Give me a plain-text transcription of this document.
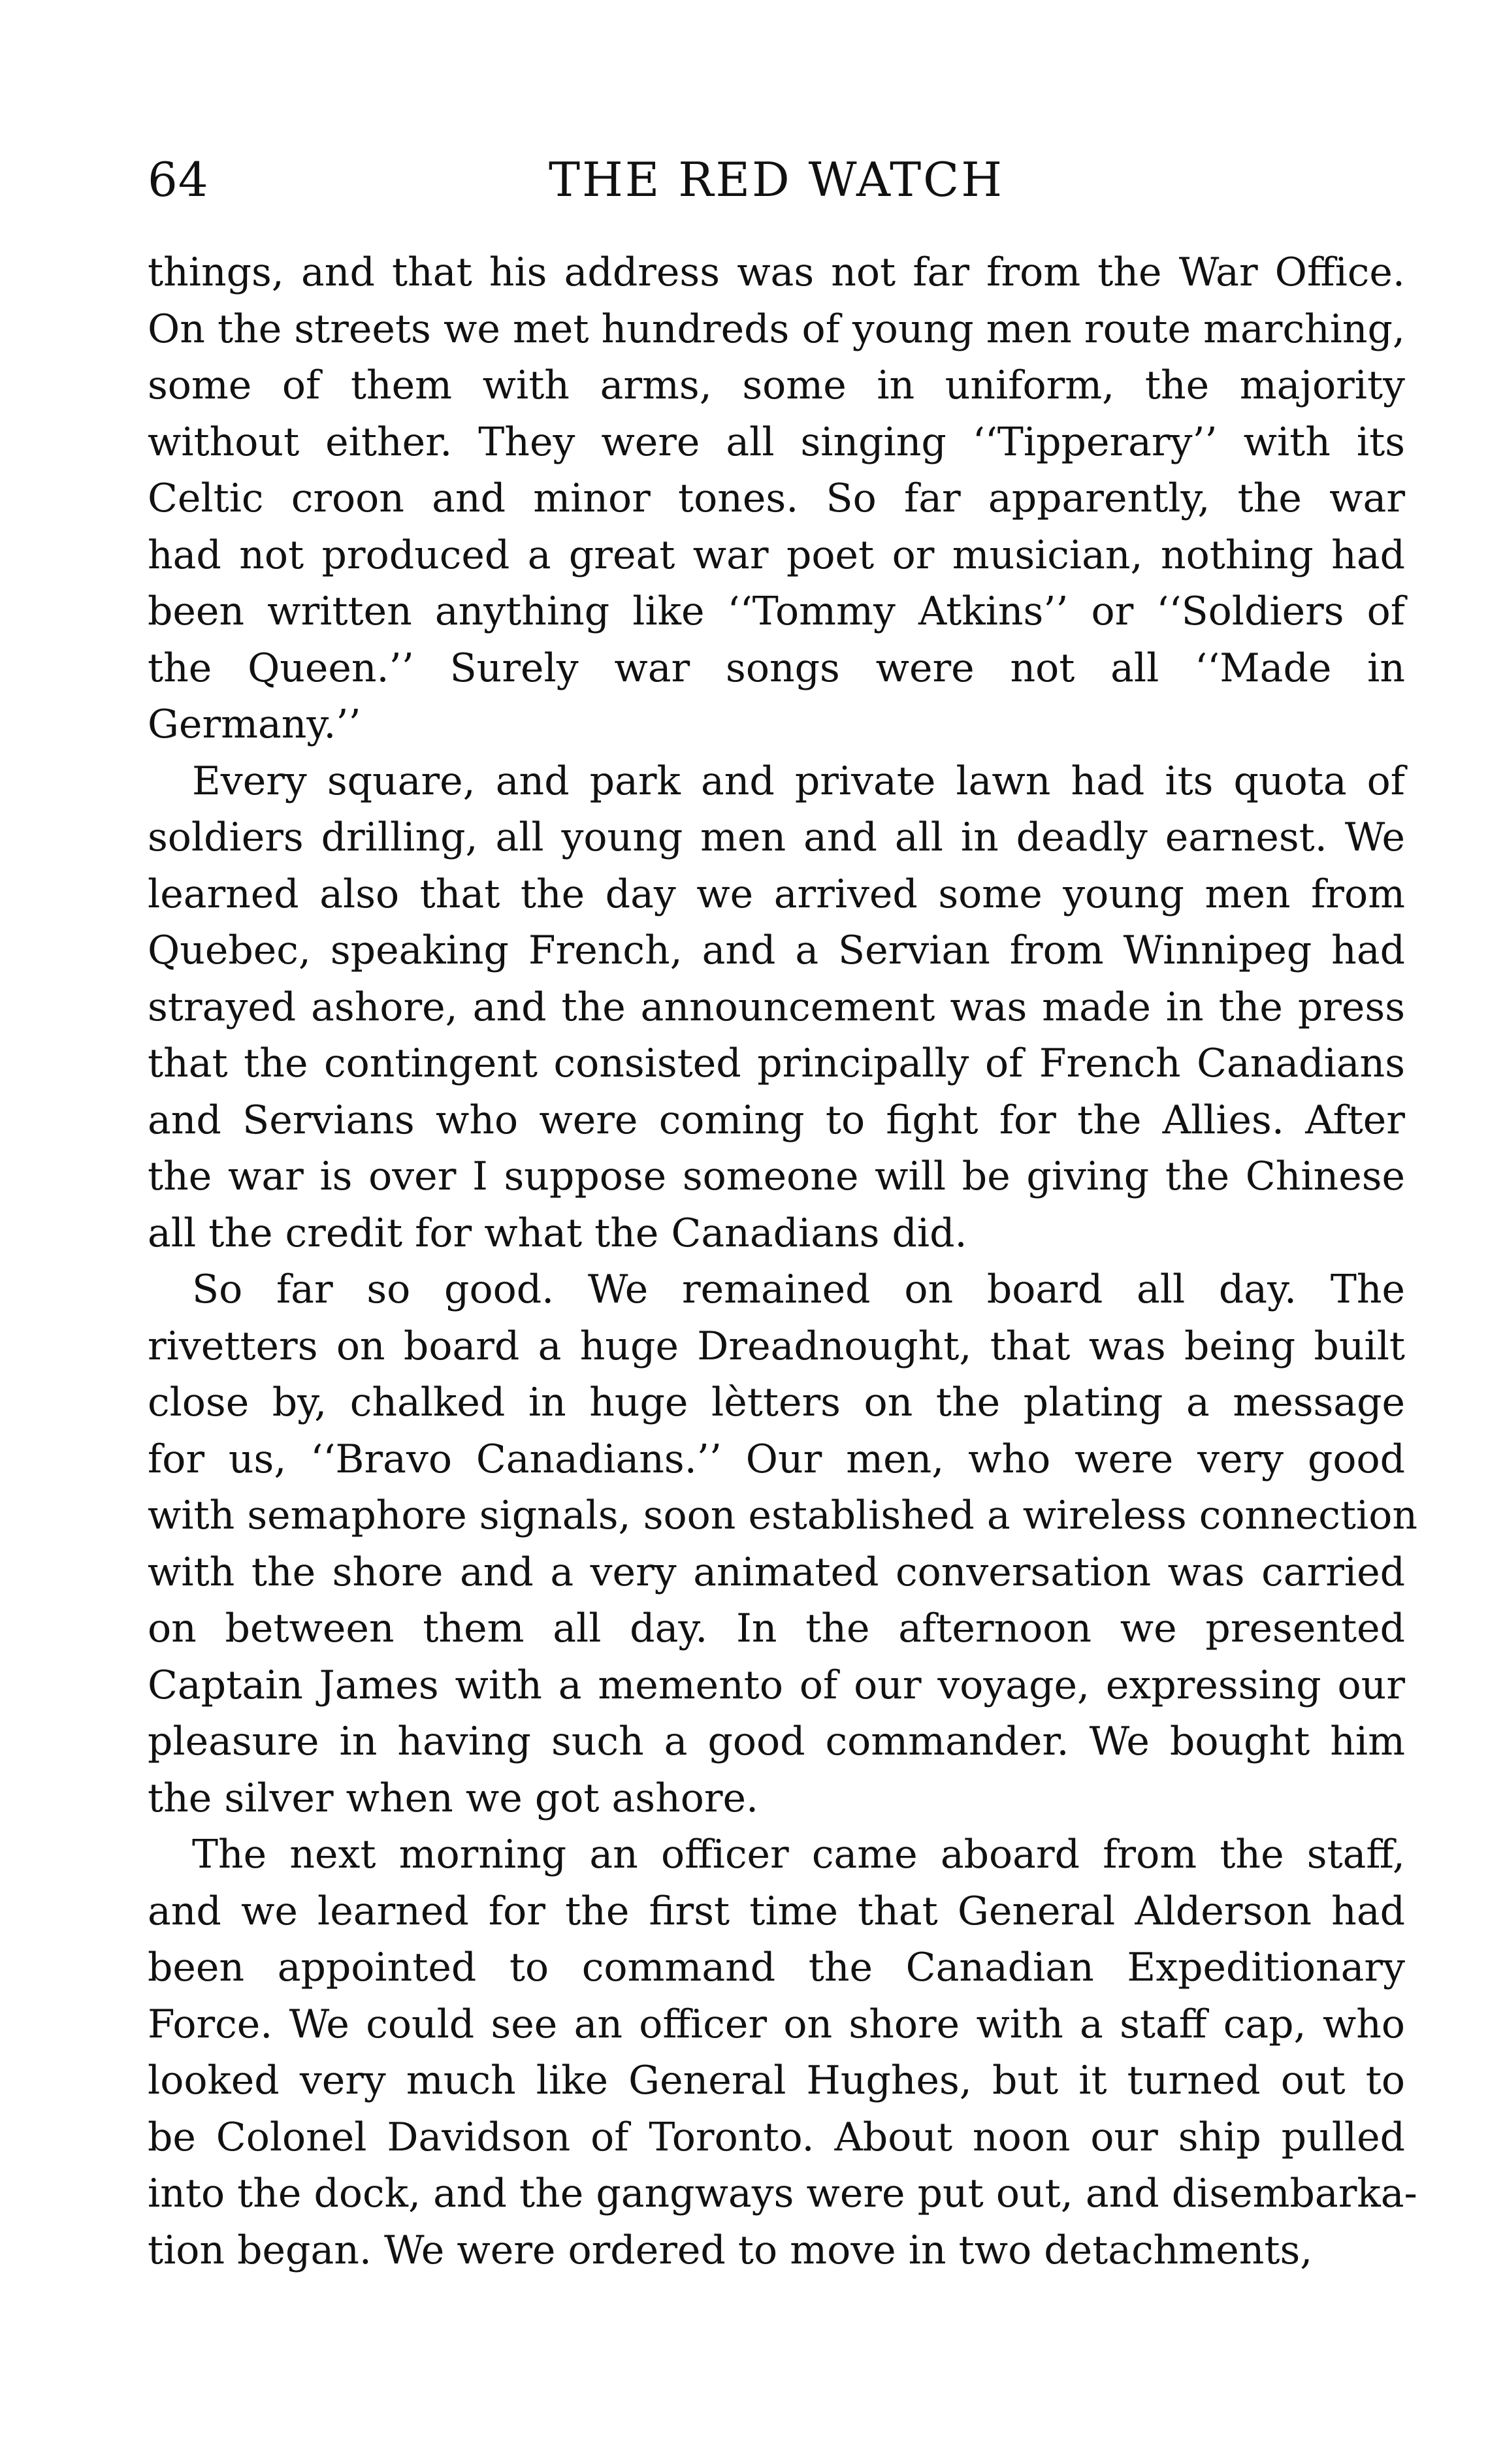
64	THE RED WATCH
things, and that his address was not far from the War Office.
On the streets we met hundreds of young men route marching,
some of them with arms, some in uniform, the majority
without either. They were all singing ‘‘Tipperary’’ with its
Celtic croon and minor tones. So far apparently, the war
had not produced a great war poet or musician, nothing had
been written anything like ‘‘Tommy Atkins’’ or ‘‘Soldiers of
the Queen.’’ Surely war songs were not all ‘‘Made in
Germany.’’
Every square, and park and private lawn had its quota of
soldiers drilling, all young men and all in deadly earnest. We
learned also that the day we arrived some young men from
Quebec, speaking French, and a Servian from Winnipeg had
strayed ashore, and the announcement was made in the press
that the contingent consisted principally of French Canadians
and Servians who were coming to fight for the Allies. After
the war is over I suppose someone will be giving the Chinese
all the credit for what the Canadians did.
So far so good. We remained on board all day. The
rivetters on board a huge Dreadnought, that was being built
close by, chalked in huge lètters on the plating a message
for us, ‘‘Bravo Canadians.’’ Our men, who were very good
with semaphore signals, soon established a wireless connection
with the shore and a very animated conversation was carried
on between them all day. In the afternoon we presented
Captain James with a memento of our voyage, expressing our
pleasure in having such a good commander. We bought him
the silver when we got ashore.
The next morning an officer came aboard from the staff,
and we learned for the first time that General Alderson had
been appointed to command the Canadian Expeditionary
Force. We could see an officer on shore with a staff cap, who
looked very much like General Hughes, but it turned out to
be Colonel Davidson of Toronto. About noon our ship pulled
into the dock, and the gangways were put out, and disembarka-
tion began. We were ordered to move in two detachments,
